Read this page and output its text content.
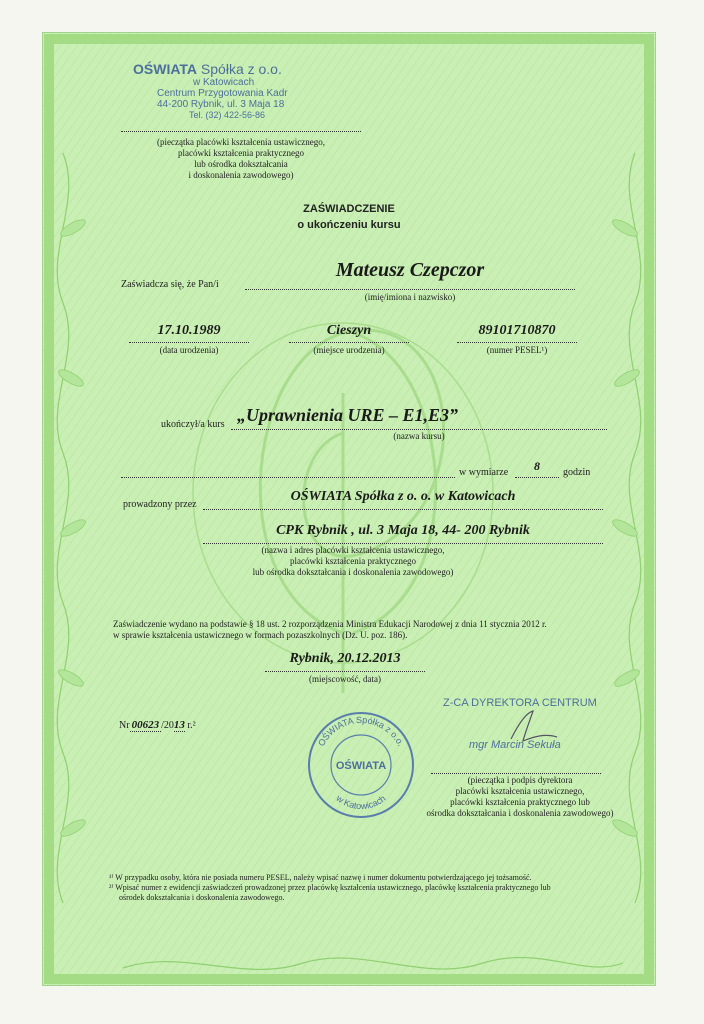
OŚWIATA Spółka z o.o.
w Katowicach
Centrum Przygotowania Kadr
44-200 Rybnik, ul. 3 Maja 18
Tel. (32) 422-56-86
(pieczątka placówki kształcenia ustawicznego,
placówki kształcenia praktycznego
lub ośrodka dokształcania
i doskonalenia zawodowego)
ZAŚWIADCZENIE
o ukończeniu kursu
Zaświadcza się, że Pan/i
Mateusz Czepczor
(imię/imiona i nazwisko)
17.10.1989
(data urodzenia)
Cieszyn
(miejsce urodzenia)
89101710870
(numer PESEL¹)
ukończył/a kurs „Uprawnienia URE – E1,E3”
(nazwa kursu)
w wymiarze	8	godzin
prowadzony przez
OŚWIATA Spółka z o. o. w Katowicach
CPK Rybnik , ul. 3 Maja 18, 44- 200 Rybnik
(nazwa i adres placówki kształcenia ustawicznego,
placówki kształcenia praktycznego
lub ośrodka dokształcania i doskonalenia zawodowego)
Zaświadczenie wydano na podstawie § 18 ust. 2 rozporządzenia Ministra Edukacji Narodowej z dnia 11 stycznia 2012 r.
w sprawie kształcenia ustawicznego w formach pozaszkolnych (Dz. U. poz. 186).
Rybnik, 20.12.2013
(miejscowość, data)
Nr 00623 /2013 r.²
OŚWIATA Spółka z o.o.
OŚWIATA
w Katowicach
Z-CA DYREKTORA CENTRUM
mgr Marcin Sekuła
(pieczątka i podpis dyrektora
placówki kształcenia ustawicznego,
placówki kształcenia praktycznego lub
ośrodka dokształcania i doskonalenia zawodowego)
¹⁾ W przypadku osoby, która nie posiada numeru PESEL, należy wpisać nazwę i numer dokumentu potwierdzającego jej tożsamość.
²⁾ Wpisać numer z ewidencji zaświadczeń prowadzonej przez placówkę kształcenia ustawicznego, placówkę kształcenia praktycznego lub
ośrodek dokształcania i doskonalenia zawodowego.
